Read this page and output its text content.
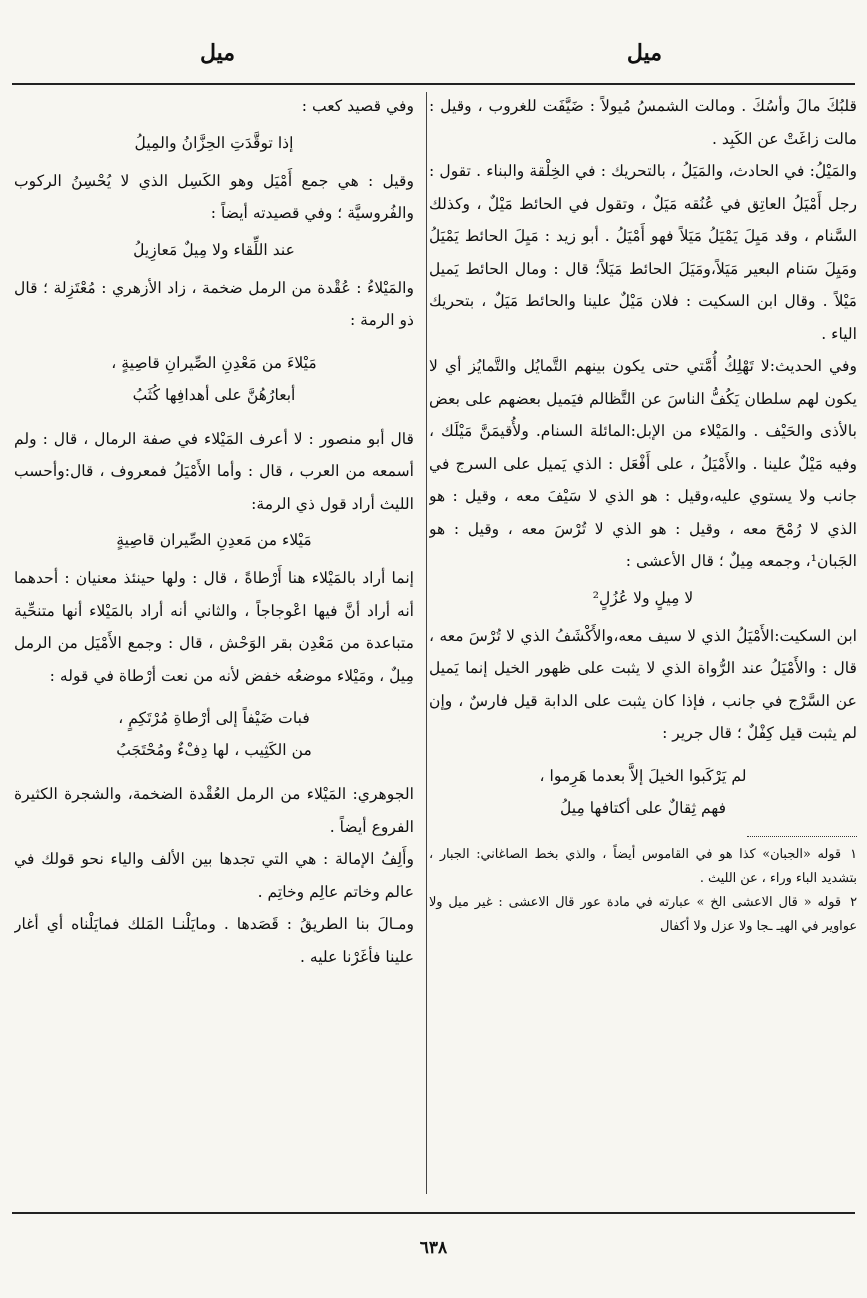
ميل
ميل

قلبُكَ مالَ وأسُكَ . ومالت الشمسُ مُيولاً : ضَيَّفَت للغروب ، وقيل : مالت زاغَتْ عن الكَبِد .

والمَيْلُ: في الحادث، والمَيَلُ ، بالتحريك : في الخِلْقة والبناء . تقول : رجل أَمْيَلُ العاتِق في عُنُقه مَيَلٌ ، وتقول في الحائط مَيْلٌ ، وكذلك السَّنام ، وقد مَيِلَ يَمْيَلُ مَيَلاً فهو أَمْيَلُ . أبو زيد : مَيِلَ الحائط يَمْيَلُ ومَيِلَ سَنام البعير مَيَلاً،ومَيَلَ الحائط مَيَلاً؛ قال : ومال الحائط يَميل مَيْلاً . وقال ابن السكيت : فلان مَيْلٌ علينا والحائط مَيَلٌ ، بتحريك الياء .

وفي الحديث:لا تَهْلِكُ أُمَّتي حتى يكون بينهم التَّمايُل والتَّمايُز أي لا يكون لهم سلطان يَكُفُّ الناسَ عن التَّظالم فيَميل بعضهم على بعض بالأذى والحَيْف . والمَيْلاء من الإبل:المائلة السنام. ولأُقيمَنَّ مَيْلَك ، وفيه مَيْلٌ علينا . والأَمْيَلُ ، على أَفْعَل : الذي يَميل على السرج في جانب ولا يستوي عليه،وقيل : هو الذي لا سَيْفَ معه ، وقيل : هو الذي لا رُمْحَ معه ، وقيل : هو الذي لا تُرْسَ معه ، وقيل : هو الجَبان¹، وجمعه مِيلٌ ؛ قال الأعشى :

لا مِيلٍ ولا عُزُلٍ²

ابن السكيت:الأَمْيَلُ الذي لا سيف معه،والأَكْشَفُ الذي لا تُرْسَ معه ، قال : والأَمْيَلُ عند الرُّواة الذي لا يثبت على ظهور الخيل إنما يَميل عن السَّرْج في جانب ، فإذا كان يثبت على الدابة قيل فارسٌ ، وإن لم يثبت قيل كِفْلٌ ؛ قال جرير :

لم يَرْكَبوا الخيلَ إلاَّ بعدما هَرِموا ،
فهم ثِقالٌ على أكتافها مِيلُ

١قوله «الجبان» كذا هو في القاموس أيضاً ، والذي بخط الصاغاني: الجبار ، بتشديد الباء وراء ، عن الليث .

٢قوله « قال الاعشى الخ » عبارته في مادة عور قال الاعشى : غير ميل ولا عواوير في الهيـ ـجا ولا عزل ولا أكفال

وفي قصيد كعب :

إذا توقَّدَتِ الحِزَّانُ والمِيلُ

وقيل : هي جمع أَمْيَل وهو الكَسِل الذي لا يُحْسِنُ الركوب والفُروسيَّة ؛ وفي قصيدته أيضاً :

عند اللِّقاء ولا مِيلٌ مَعازِيلُ

والمَيْلاءُ : عُقْدة من الرمل ضخمة ، زاد الأزهري : مُعْتَزِلة ؛ قال ذو الرمة :

مَيْلاءَ من مَعْدِنِ الصِّيرانِ قاصِيةٍ ،
أبعارُهُنَّ على أهدافِها كُثَبُ

قال أبو منصور : لا أعرف المَيْلاء في صفة الرمال ، قال : ولم أسمعه من العرب ، قال : وأما الأَمْيَلُ فمعروف ، قال:وأحسب الليث أراد قول ذي الرمة:

مَيْلاء من مَعدِنِ الصِّيران قاصِيةٍ

إنما أراد بالمَيْلاء هنا أَرْطاةً ، قال : ولها حينئذ معنيان : أحدهما أنه أراد أنَّ فيها اعْوجاجاً ، والثاني أنه أراد بالمَيْلاء أنها متنحِّية متباعدة من مَعْدِن بقر الوَحْش ، قال : وجمع الأَمْيَل من الرمل مِيلٌ ، ومَيْلاء موضعُه خفض لأنه من نعت أرْطاة في قوله :

فبات ضَيْفاً إلى أرْطاةِ مُرْتَكِمٍ ،
من الكَثِيب ، لها دِفْءٌ ومُحْتَجَبُ

الجوهري: المَيْلاء من الرمل العُقْدة الضخمة، والشجرة الكثيرة الفروع أيضاً .

وأَلِفُ الإمالة : هي التي تجدها بين الألف والياء نحو قولك في عالم وخاتم عالِم وخاتِم .

ومـالَ بنا الطريقُ : قَصَدها . ومايَلْنـا المَلك فمايَلْناه أي أغار علينا فأغَرْنا عليه .

٦٣٨
